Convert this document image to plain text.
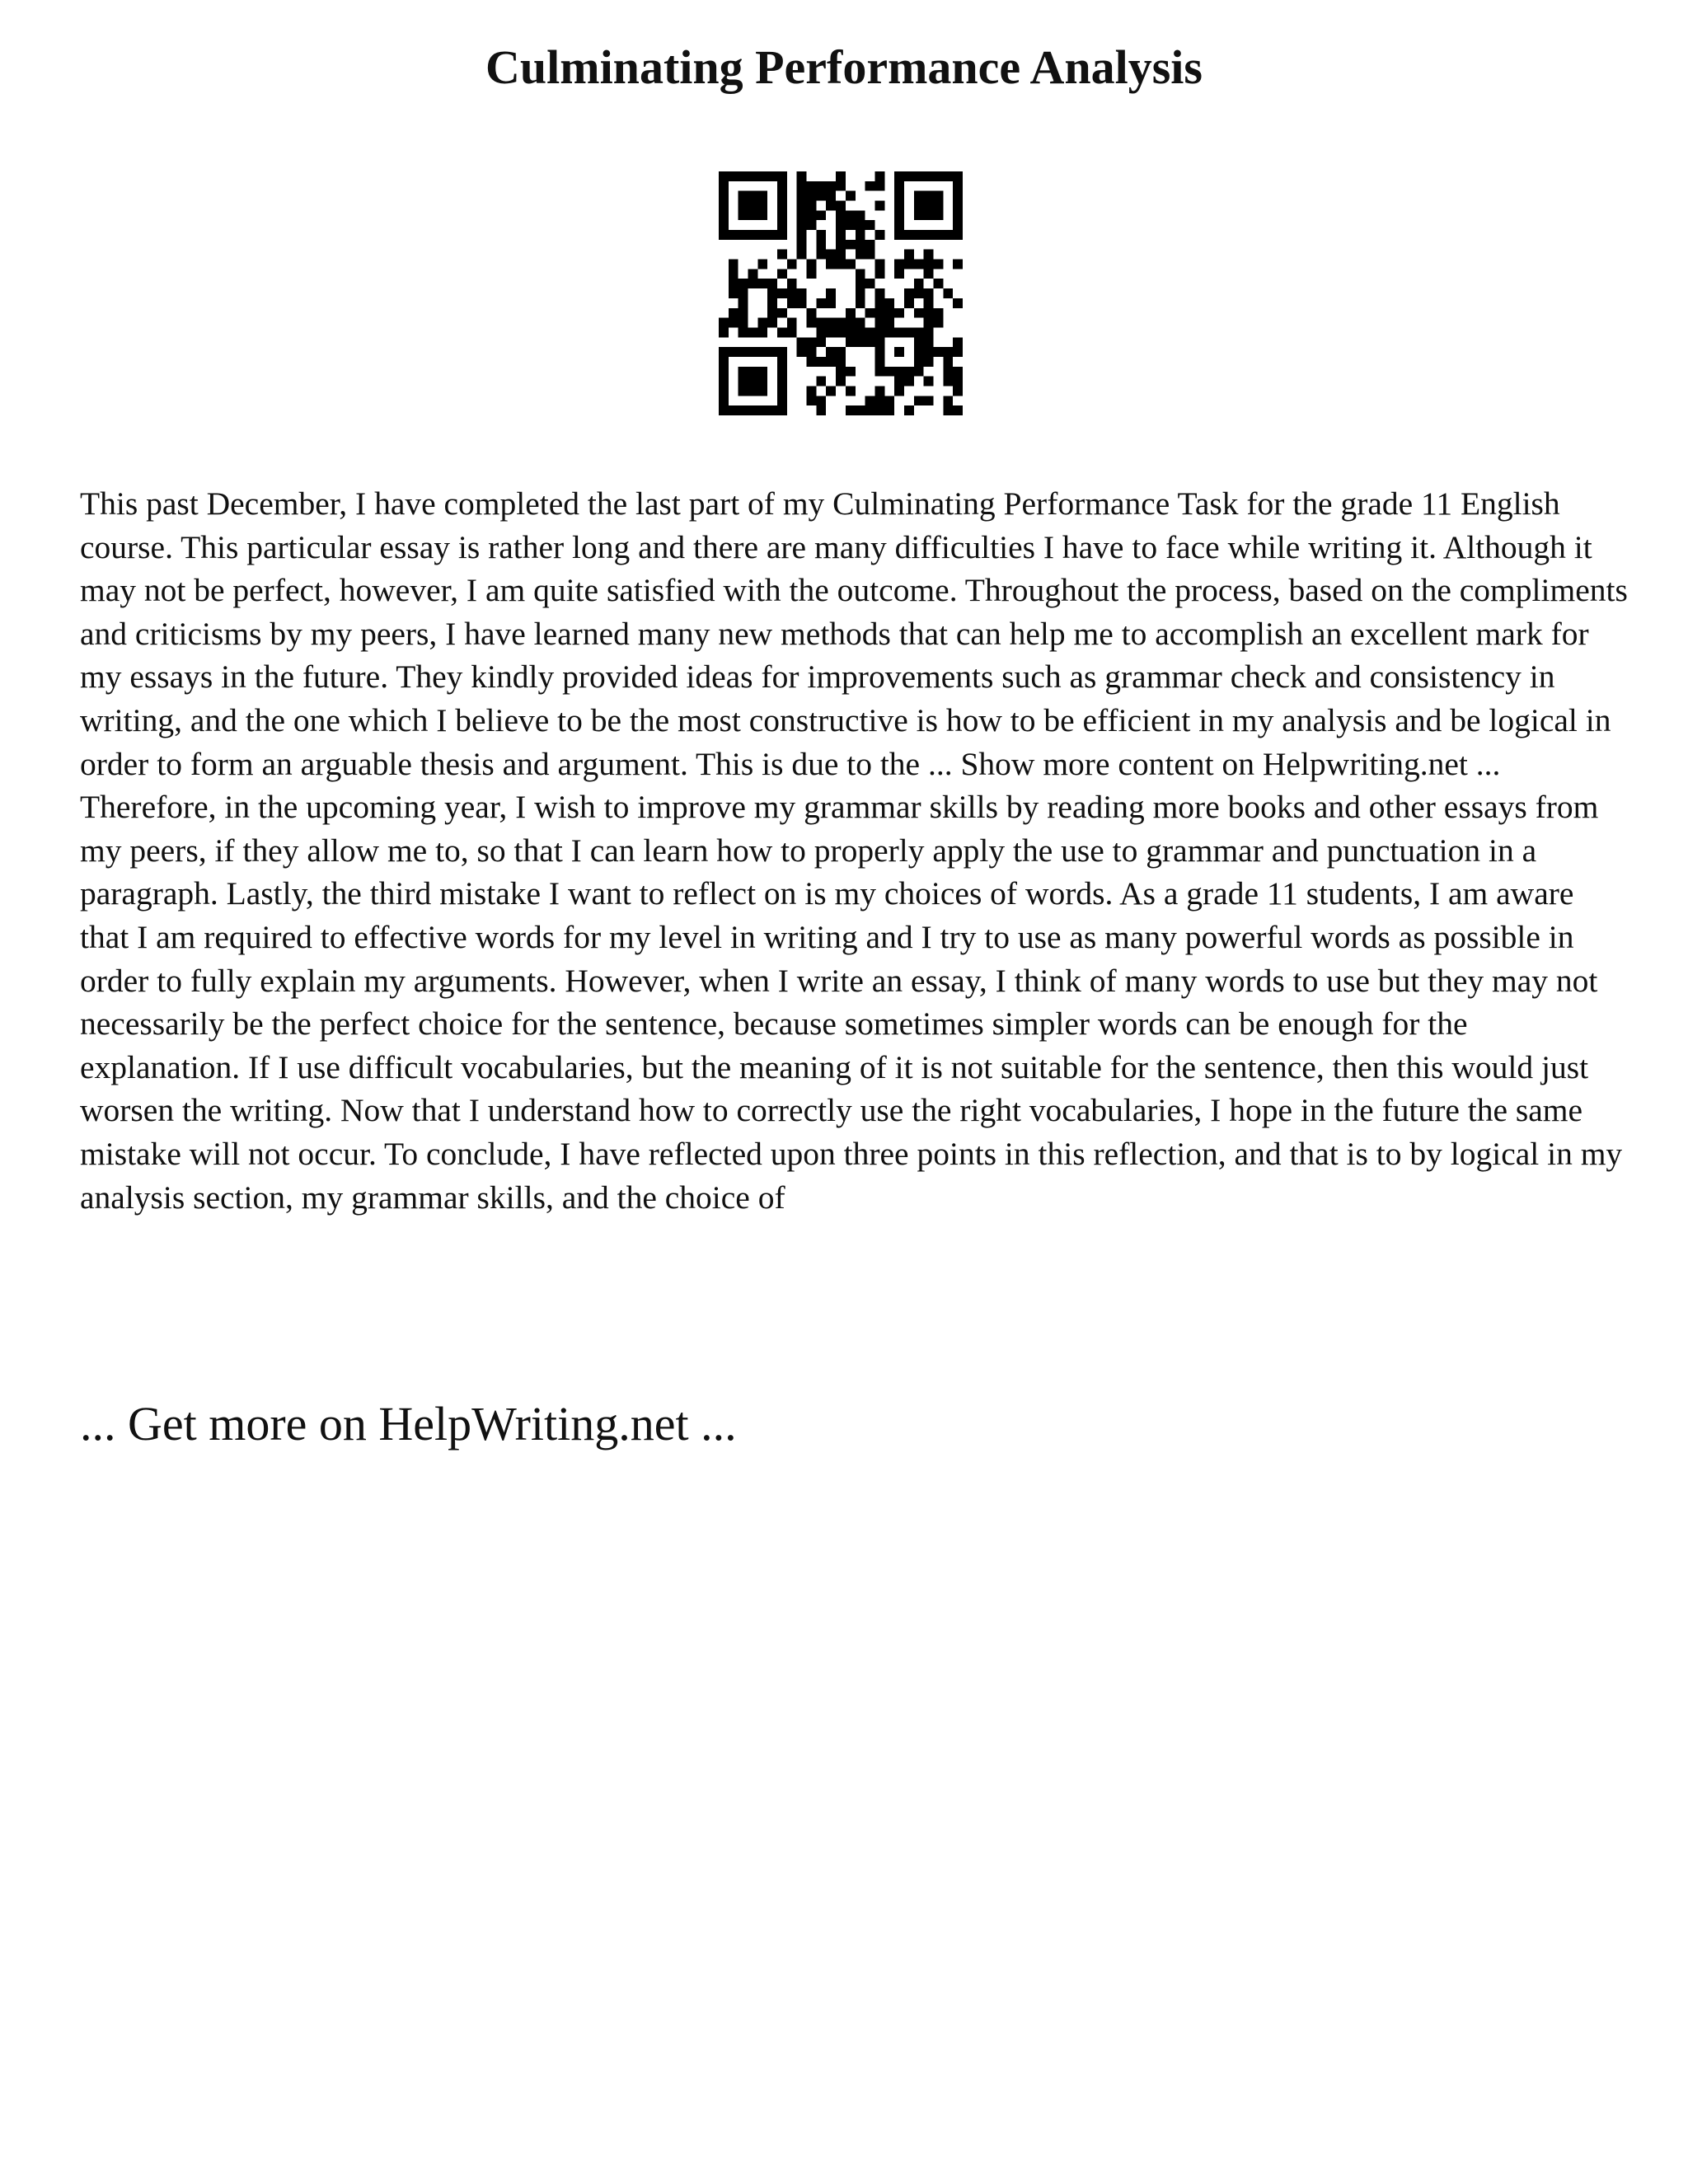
Culminating Performance Analysis

This past December, I have completed the last part of my Culminating Performance Task for the grade 11 English course. This particular essay is rather long and there are many difficulties I have to face while writing it. Although it may not be perfect, however, I am quite satisfied with the outcome. Throughout the process, based on the compliments and criticisms by my peers, I have learned many new methods that can help me to accomplish an excellent mark for my essays in the future. They kindly provided ideas for improvements such as grammar check and consistency in writing, and the one which I believe to be the most constructive is how to be efficient in my analysis and be logical in order to form an arguable thesis and argument. This is due to the ... Show more content on Helpwriting.net ...

Therefore, in the upcoming year, I wish to improve my grammar skills by reading more books and other essays from my peers, if they allow me to, so that I can learn how to properly apply the use to grammar and punctuation in a paragraph. Lastly, the third mistake I want to reflect on is my choices of words. As a grade 11 students, I am aware that I am required to effective words for my level in writing and I try to use as many powerful words as possible in order to fully explain my arguments. However, when I write an essay, I think of many words to use but they may not necessarily be the perfect choice for the sentence, because sometimes simpler words can be enough for the explanation. If I use difficult vocabularies, but the meaning of it is not suitable for the sentence, then this would just worsen the writing. Now that I understand how to correctly use the right vocabularies, I hope in the future the same mistake will not occur. To conclude, I have reflected upon three points in this reflection, and that is to by logical in my analysis section, my grammar skills, and the choice of

... Get more on HelpWriting.net ...
